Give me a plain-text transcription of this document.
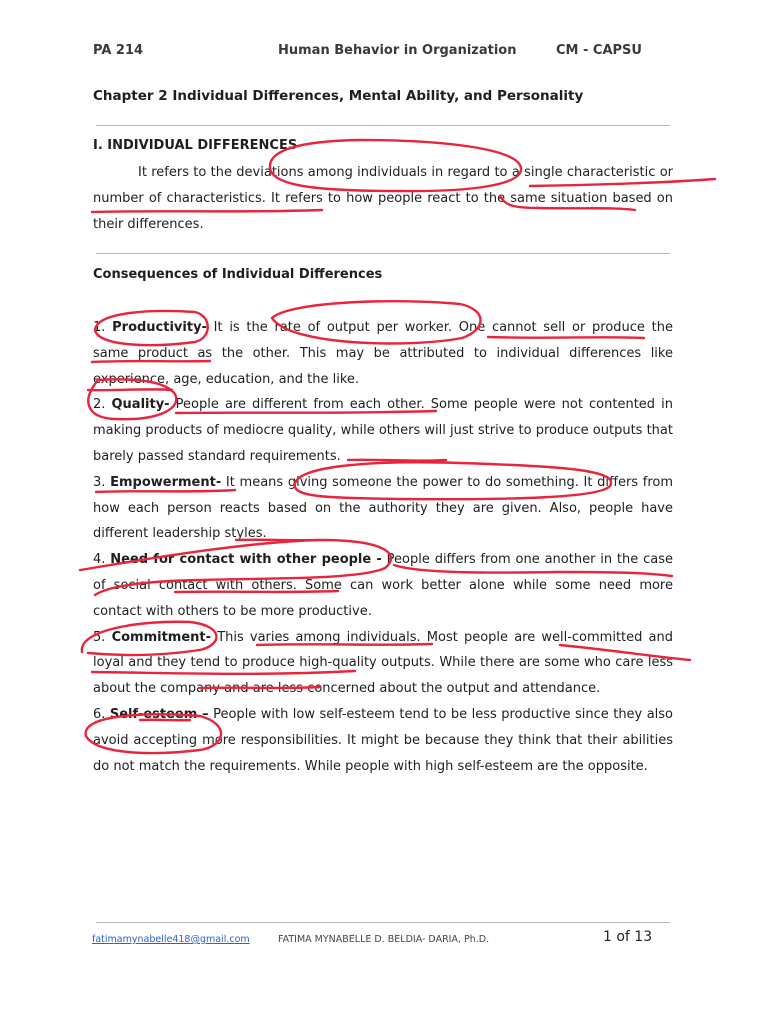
PA 214	Human Behavior in Organization	CM - CAPSU
Chapter 2 Individual Differences, Mental Ability, and Personality
I. INDIVIDUAL DIFFERENCES
It refers to the deviations among individuals in regard to a single characteristic or number of characteristics. It refers to how people react to the same situation based on their differences.
Consequences of Individual Differences
1. Productivity- It is the rate of output per worker. One cannot sell or produce the same product as the other. This may be attributed to individual differences like experience, age, education, and the like.
2. Quality- People are different from each other. Some people were not contented in making products of mediocre quality, while others will just strive to produce outputs that barely passed standard requirements.
3. Empowerment- It means giving someone the power to do something. It differs from how each person reacts based on the authority they are given. Also, people have different leadership styles.
4. Need for contact with other people - People differs from one another in the case of social contact with others. Some can work better alone while some need more contact with others to be more productive.
5. Commitment- This varies among individuals. Most people are well-committed and loyal and they tend to produce high-quality outputs. While there are some who care less about the company and are less concerned about the output and attendance.
6. Self-esteem – People with low self-esteem tend to be less productive since they also avoid accepting more responsibilities. It might be because they think that their abilities do not match the requirements. While people with high self-esteem are the opposite.
fatimamynabelle418@gmail.com	FATIMA MYNABELLE D. BELDIA- DARIA, Ph.D.	1 of 13
